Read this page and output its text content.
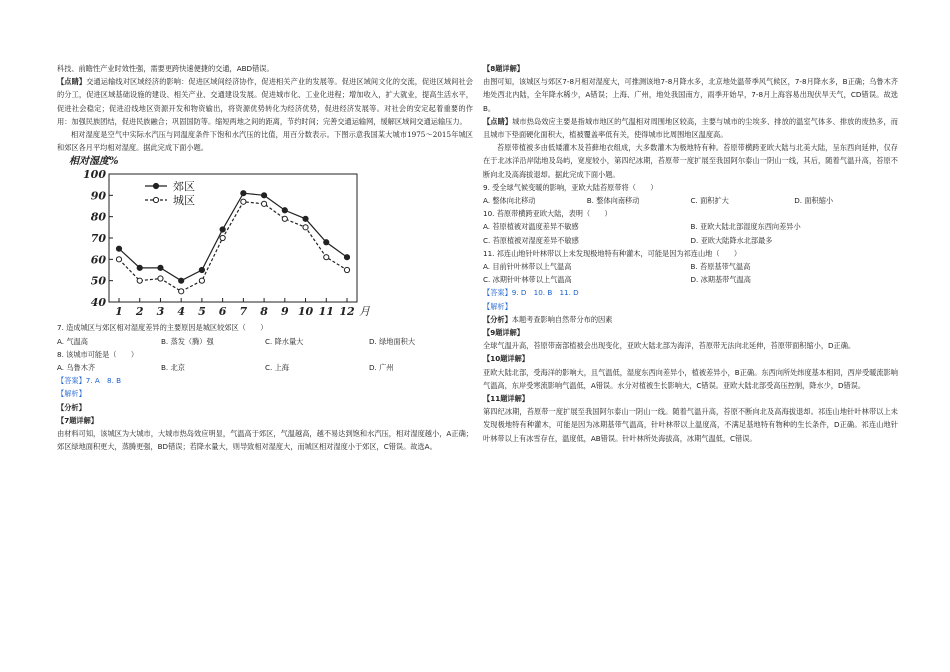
科技、前瞻性产业时效性强，需要更跨快速便捷的交通，ABD错误。

【点睛】交通运输线对区域经济的影响：促进区域间经济协作，促进相关产业的发展等。促进区域间文化的交流，促进区域间社会的分工，促进区域基础设施的建设、相关产业、交通建设发展。促进城市化、工业化进程；增加收入，扩大就业，提高生活水平，促进社会稳定；促进沿线地区资源开发和物资输出，将资源优势转化为经济优势，促进经济发展等。对社会的安定起着重要的作用：加强民族团结，促进民族融合；巩固国防等。缩短两地之间的距离，节约时间；完善交通运输网，缓解区域间交通运输压力。

相对湿度是空气中实际水汽压与同温度条件下饱和水汽压的比值，用百分数表示。下图示意我国某大城市1975～2015年城区和郊区各月平均相对湿度。据此完成下面小题。

相对湿度%
40
50
60
70
80
90
100
1 2 3 4 5 6 7 8 9 10 11 12 月
郊区
城区

7. 造成城区与郊区相对湿度差异的主要原因是城区较郊区（　　）

A. 气温高	B. 蒸发（腾）强	C. 降水量大	D. 绿地面积大

8. 该城市可能是（　　）

A. 乌鲁木齐	B. 北京	C. 上海	D. 广州

【答案】7. A　8. B

【解析】

【分析】

【7题详解】

由材料可知，该城区为大城市，大城市热岛效应明显，气温高于郊区，气温越高，越不易达到饱和水汽压，相对湿度越小，A正确；郊区绿地面积更大，蒸腾更强，BD错误；若降水量大，则导致相对湿度大，而城区相对湿度小于郊区，C错误。故选A。

【8题详解】

由图可知，该城区与郊区7-8月相对湿度大，可推测该地7-8月降水多，北京地处温带季风气候区，7-8月降水多，B正确；乌鲁木齐地处西北内陆，全年降水稀少，A错误；上海、广州，地处我国南方，雨季开始早，7-8月上海容易出现伏旱天气，CD错误。故选B。

【点睛】城市热岛效应主要是指城市地区的气温相对周围地区较高，主要与城市的尘埃多、排放的温室气体多、排放的废热多，而且城市下垫面硬化面积大，植被覆盖率低有关，使得城市比周围地区温度高。

苔原带植被多由低矮灌木及苔藓地衣组成，大多数灌木为极地特有种。苔原带横跨亚欧大陆与北美大陆，呈东西向延伸，仅存在于北冰洋沿岸陆地及岛屿，宽度较小，第四纪冰期，苔原带一度扩展至我国阿尔泰山一阴山一线，其后，随着气温升高，苔原不断向北及高海拔退却。据此完成下面小题。

9. 受全球气候变暖的影响，亚欧大陆苔原带将（　　）

A. 整体向北移动	B. 整体向南移动	C. 面积扩大	D. 面积缩小

10. 苔原带横跨亚欧大陆，表明（　　）

A. 苔原植被对温度差异不敏感	B. 亚欧大陆北部湿度东西向差异小
C. 苔原植被对湿度差异不敏感	D. 亚欧大陆降水北部最多

11. 祁连山地针叶林带以上未发现极地特有种灌木，可能是因为祁连山地（　　）

A. 目前针叶林带以上气温高	B. 苔原基带气温高
C. 冰期针叶林带以上气温高	D. 冰期基带气温高

【答案】9. D　10. B　11. D

【解析】

【分析】本题考查影响自然带分布的因素

【9题详解】

全球气温升高，苔原带南部植被会出现变化，亚欧大陆北部为海洋，苔原带无法向北延伸，苔原带面积缩小，D正确。

【10题详解】

亚欧大陆北部，受海洋的影响大，且气温低，湿度东西向差异小，植被差异小，B正确。东西向所处纬度基本相同，西岸受暖流影响气温高，东岸受寒流影响气温低，A错误。水分对植被生长影响大，C错误。亚欧大陆北部受高压控制，降水少，D错误。

【11题详解】

第四纪冰期，苔原带一度扩展至我国阿尔泰山一阴山一线。随着气温升高，苔原不断向北及高海拔退却。祁连山地针叶林带以上未发现极地特有种灌木，可能是因为冰期基带气温高，针叶林带以上温度高，不满足基地特有物种的生长条件，D正确。祁连山地针叶林带以上有冰雪存在，温度低，AB错误。针叶林所处海拔高，冰期气温低，C错误。
